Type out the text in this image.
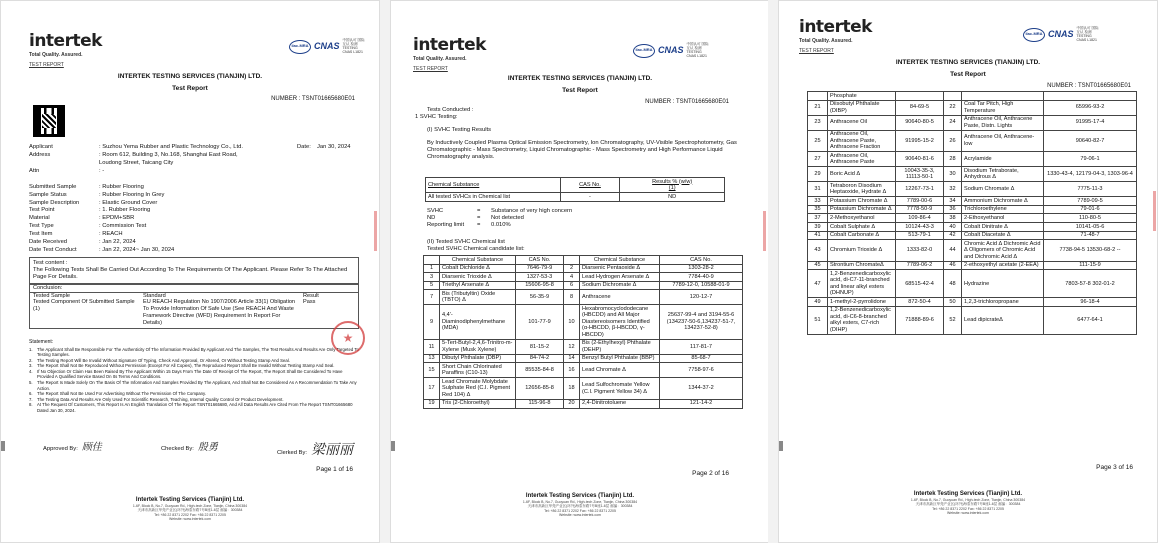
intertek
Total Quality. Assured.
TEST REPORT
ilac-MRA CNAS
中国认可 国际互认 检测 TESTING CNAS L1821
INTERTEK TESTING SERVICES (TIANJIN) LTD.
Test Report
NUMBER : TSNT01665680E01
Applicant	: Suzhou Yema Rubber and Plastic Technology Co., Ltd.	Date:	Jan 30, 2024
Address	: Room 612, Building 3, No.168, Shanghai East Road, Loudong Street, Taicang City
Attn	: -
Submitted Sample	: Rubber Flooring
Sample Status	: Rubber Flooring In Grey
Sample Description	: Elastic Ground Cover
Test Point	: 1. Rubber Flooring
Material	: EPDM+SBR
Test Type	: Commission Test
Test Item	: REACH
Date Received	: Jan 22, 2024
Date Test Conduct	: Jan 22, 2024~ Jan 30, 2024
Test content :
The Following Tests Shall Be Carried Out According To The Requirements Of The Applicant. Please Refer To The Attached Page For Details.
Conclusion:
Tested Sample	Standard	Result
Tested Component Of Submitted Sample (1)
EU REACH Regulation No 1907/2006 Article 33(1) Obligation To Provide Information Of Safe Use (See REACH And Waste Framework Directive (WFD) Requirement In Report For Details)
Pass
Statement:
1.	The Applicant Shall Be Responsible For The Authenticity Of The Information Provided By Applicant And The Samples, The Test Results And Results Are Only Targeted To Testing Samples.
2.	The Testing Report Will Be Invalid Without Signature Of Typing, Check And Approval, Or Altered, Or Without Testing Stamp And Seal.
3.	The Report Shall Not Be Reproduced Without Permission (Except For All Copies), The Reproduced Report Shall Be Invalid Without Testing Stamp And Seal.
4.	If No Objection Or Claim Has Been Raised By The Applicant Within 15 Days From The Date Of Receipt Of The Report, The Report Shall Be Considered To Have Provided A Qualified Service Based On Its Terms And Conditions.
5.	The Report Is Made Solely On The Basis Of The Information And Samples Provided By The Applicant, And Shall Not Be Considered As A Recommendation To Take Any Action.
6.	The Report Shall Not Be Used For Advertising Without The Permission Of The Company.
7.	The Testing Data And Results Are Only Used For Scientific Research, Teaching, Internal Quality Control Or Product Development.
8.	At The Request Of Customers, This Report Is An English Translation Of The Report TSNT01665680, And All Data Results Are Cited From The Report TSNT01665680 Dated Jan 30, 2024.
★
Approved By: 顾佳	Checked By: 殷勇	Clerked By: 梁丽丽
Page 1 of 16
Intertek Testing Services (Tianjin) Ltd.
1-6F, Block B, No.7, Guoyuan Rd., High-tech Zone, Tianjin, China 300384
天津市高新区华苑产业区(环外)海泰东路7号B座1-6层 邮编：300384
Tel: +86 22 8371 2202 Fax: +86 22 8371 2205
Website: www.intertek.com
intertek
Total Quality. Assured.
TEST REPORT
ilac-MRA CNAS
中国认可 国际互认 检测 TESTING CNAS L1821
INTERTEK TESTING SERVICES (TIANJIN) LTD.
Test Report
NUMBER : TSNT01665680E01
Tests Conducted :
1 SVHC Testing:
(I) SVHC Testing Results
By Inductively Coupled Plasma Optical Emission Spectrometry, Ion Chromatography, UV-Visible Spectrophotometry, Gas Chromatographic - Mass Spectrometry, Liquid Chromatographic - Mass Spectrometry and High Performance Liquid Chromatography analysis.
Chemical Substance	CAS No.	Results % (w/w)
(1)
All tested SVHCs in Chemical list	-	ND
SVHC	=	Substance of very high concern
ND	=	Not detected
Reporting limit	=	0.010%
(II) Tested SVHC Chemical list
Tested SVHC Chemical candidate list:
	Chemical Substance	CAS No.		Chemical Substance	CAS No.
1	Cobalt Dichloride Δ	7646-79-9	2	Diarsenic Pentaoxide Δ	1303-28-2
3	Diarsenic Trioxide Δ	1327-53-3	4	Lead Hydrogen Arsenate Δ	7784-40-9
5	Triethyl Arsenate Δ	15606-95-8	6	Sodium Dichromate Δ	7789-12-0, 10588-01-9
7	Bis (Tributyltin) Oxide (TBTO) Δ	56-35-9	8	Anthracene	120-12-7
9	4,4'-Diaminodiphenylmethane (MDA)	101-77-9	10	Hexabromocyclododecane (HBCDD) and All Major Diastereoisomers Identified (α-HBCDD, β-HBCDD, γ-HBCDD)	25637-99-4 and 3194-55-6 (134237-50-6,134237-51-7, 134237-52-8)
11	5-Tert-Butyl-2,4,6-Trinitro-m-Xylene (Musk Xylene)	81-15-2	12	Bis (2-Ethylhexyl) Phthalate (DEHP)	117-81-7
13	Dibutyl Phthalate (DBP)	84-74-2	14	Benzyl Butyl Phthalate (BBP)	85-68-7
15	Short Chain Chlorinated Paraffins (C10-13)	85535-84-8	16	Lead Chromate Δ	7758-97-6
17	Lead Chromate Molybdate Sulphate Red (C.I. Pigment Red 104) Δ	12656-85-8	18	Lead Sulfochromate Yellow (C.I. Pigment Yellow 34) Δ	1344-37-2
19	Tris (2-Chloroethyl)	115-96-8	20	2,4-Dinitrotoluene	121-14-2
Page 2 of 16
Intertek Testing Services (Tianjin) Ltd.
1-6F, Block B, No.7, Guoyuan Rd., High-tech Zone, Tianjin, China 300384
天津市高新区华苑产业区(环外)海泰东路7号B座1-6层 邮编：300384
Tel: +86 22 8371 2202 Fax: +86 22 8371 2205
Website: www.intertek.com
intertek
Total Quality. Assured.
TEST REPORT
ilac-MRA CNAS
中国认可 国际互认 检测 TESTING CNAS L1821
INTERTEK TESTING SERVICES (TIANJIN) LTD.
Test Report
NUMBER : TSNT01665680E01
	Phosphate				
21	Diisobutyl Phthalate (DIBP)	84-69-5	22	Coal Tar Pitch, High Temperature	65996-93-2
23	Anthracene Oil	90640-80-5	24	Anthracene Oil, Anthracene Paste, Distn. Lights	91995-17-4
25	Anthracene Oil, Anthracene Paste, Anthracene Fraction	91995-15-2	26	Anthracene Oil, Anthracene-low	90640-82-7
27	Anthracene Oil, Anthracene Paste	90640-81-6	28	Acrylamide	79-06-1
29	Boric Acid Δ	10043-35-3, 11113-50-1	30	Disodium Tetraborate, Anhydrous Δ	1330-43-4, 12179-04-3, 1303-96-4
31	Tetraboron Disodium Heptaoxide, Hydrate Δ	12267-73-1	32	Sodium Chromate Δ	7775-11-3
33	Potassium Chromate Δ	7789-00-6	34	Ammonium Dichromate Δ	7789-09-5
35	Potassium Dichromate Δ	7778-50-9	36	Trichloroethylene	79-01-6
37	2-Methoxyethanol	109-86-4	38	2-Ethoxyethanol	110-80-5
39	Cobalt Sulphate Δ	10124-43-3	40	Cobalt Dinitrate Δ	10141-05-6
41	Cobalt Carbonate Δ	513-79-1	42	Cobalt Diacetate Δ	71-48-7
43	Chromium Trioxide Δ	1333-82-0	44	Chromic Acid Δ Dichromic Acid Δ Oligomers of Chromic Acid and Dichromic Acid Δ	7738-94-5 13530-68-2 --
45	Strontium ChromateΔ	7789-06-2	46	2-ethoxyethyl acetate (2-EEA)	111-15-9
47	1,2-Benzenedicarboxylic acid, di-C7-11-branched and linear alkyl esters (DHNUP)	68515-42-4	48	Hydrazine	7803-57-8 302-01-2
49	1-methyl-2-pyrrolidone	872-50-4	50	1,2,3-trichloropropane	96-18-4
51	1,2-Benzenedicarboxylic acid, di-C6-8-branched alkyl esters, C7-rich (DIHP)	71888-89-6	52	Lead dipicrateΔ	6477-64-1
Page 3 of 16
Intertek Testing Services (Tianjin) Ltd.
1-6F, Block B, No.7, Guoyuan Rd., High-tech Zone, Tianjin, China 300384
天津市高新区华苑产业区(环外)海泰东路7号B座1-6层 邮编：300384
Tel: +86 22 8371 2202 Fax: +86 22 8371 2205
Website: www.intertek.com
